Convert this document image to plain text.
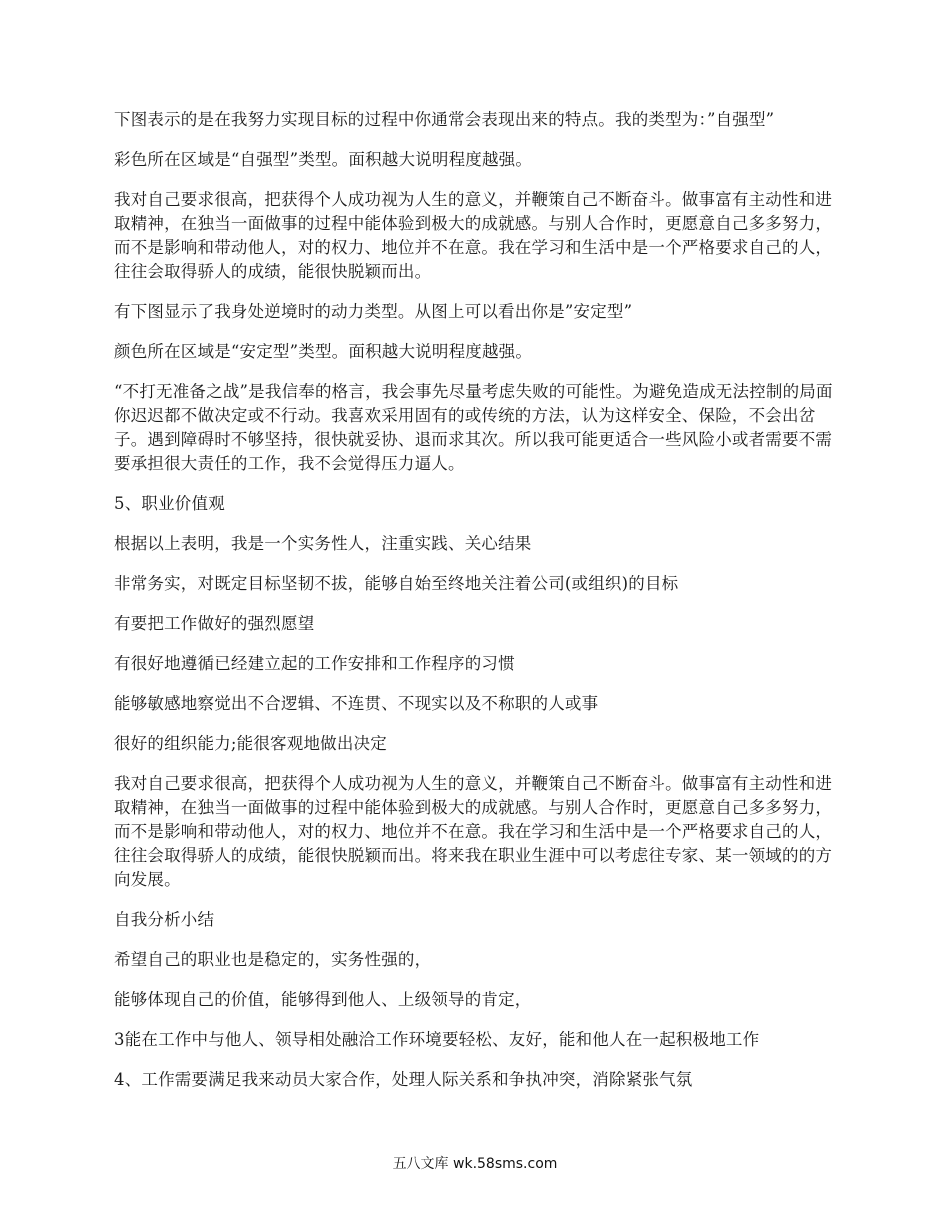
下图表示的是在我努力实现目标的过程中你通常会表现出来的特点。我的类型为：”自强型”

彩色所在区域是“自强型”类型。面积越大说明程度越强。

我对自己要求很高，把获得个人成功视为人生的意义，并鞭策自己不断奋斗。做事富有主动性和进取精神，在独当一面做事的过程中能体验到极大的成就感。与别人合作时，更愿意自己多多努力，而不是影响和带动他人，对的权力、地位并不在意。我在学习和生活中是一个严格要求自己的人，往往会取得骄人的成绩，能很快脱颖而出。

有下图显示了我身处逆境时的动力类型。从图上可以看出你是”安定型”

颜色所在区域是“安定型”类型。面积越大说明程度越强。

“不打无准备之战”是我信奉的格言，我会事先尽量考虑失败的可能性。为避免造成无法控制的局面你迟迟都不做决定或不行动。我喜欢采用固有的或传统的方法，认为这样安全、保险，不会出岔子。遇到障碍时不够坚持，很快就妥协、退而求其次。所以我可能更适合一些风险小或者需要不需要承担很大责任的工作，我不会觉得压力逼人。

5、职业价值观

根据以上表明，我是一个实务性人，注重实践、关心结果

非常务实，对既定目标坚韧不拔，能够自始至终地关注着公司(或组织)的目标

有要把工作做好的强烈愿望

有很好地遵循已经建立起的工作安排和工作程序的习惯

能够敏感地察觉出不合逻辑、不连贯、不现实以及不称职的人或事

很好的组织能力;能很客观地做出决定

我对自己要求很高，把获得个人成功视为人生的意义，并鞭策自己不断奋斗。做事富有主动性和进取精神，在独当一面做事的过程中能体验到极大的成就感。与别人合作时，更愿意自己多多努力，而不是影响和带动他人，对的权力、地位并不在意。我在学习和生活中是一个严格要求自己的人，往往会取得骄人的成绩，能很快脱颖而出。将来我在职业生涯中可以考虑往专家、某一领域的的方向发展。

自我分析小结

希望自己的职业也是稳定的，实务性强的，

能够体现自己的价值，能够得到他人、上级领导的肯定，

3能在工作中与他人、领导相处融洽工作环境要轻松、友好，能和他人在一起积极地工作

4、工作需要满足我来动员大家合作，处理人际关系和争执冲突，消除紧张气氛

五八文库 wk.58sms.com
